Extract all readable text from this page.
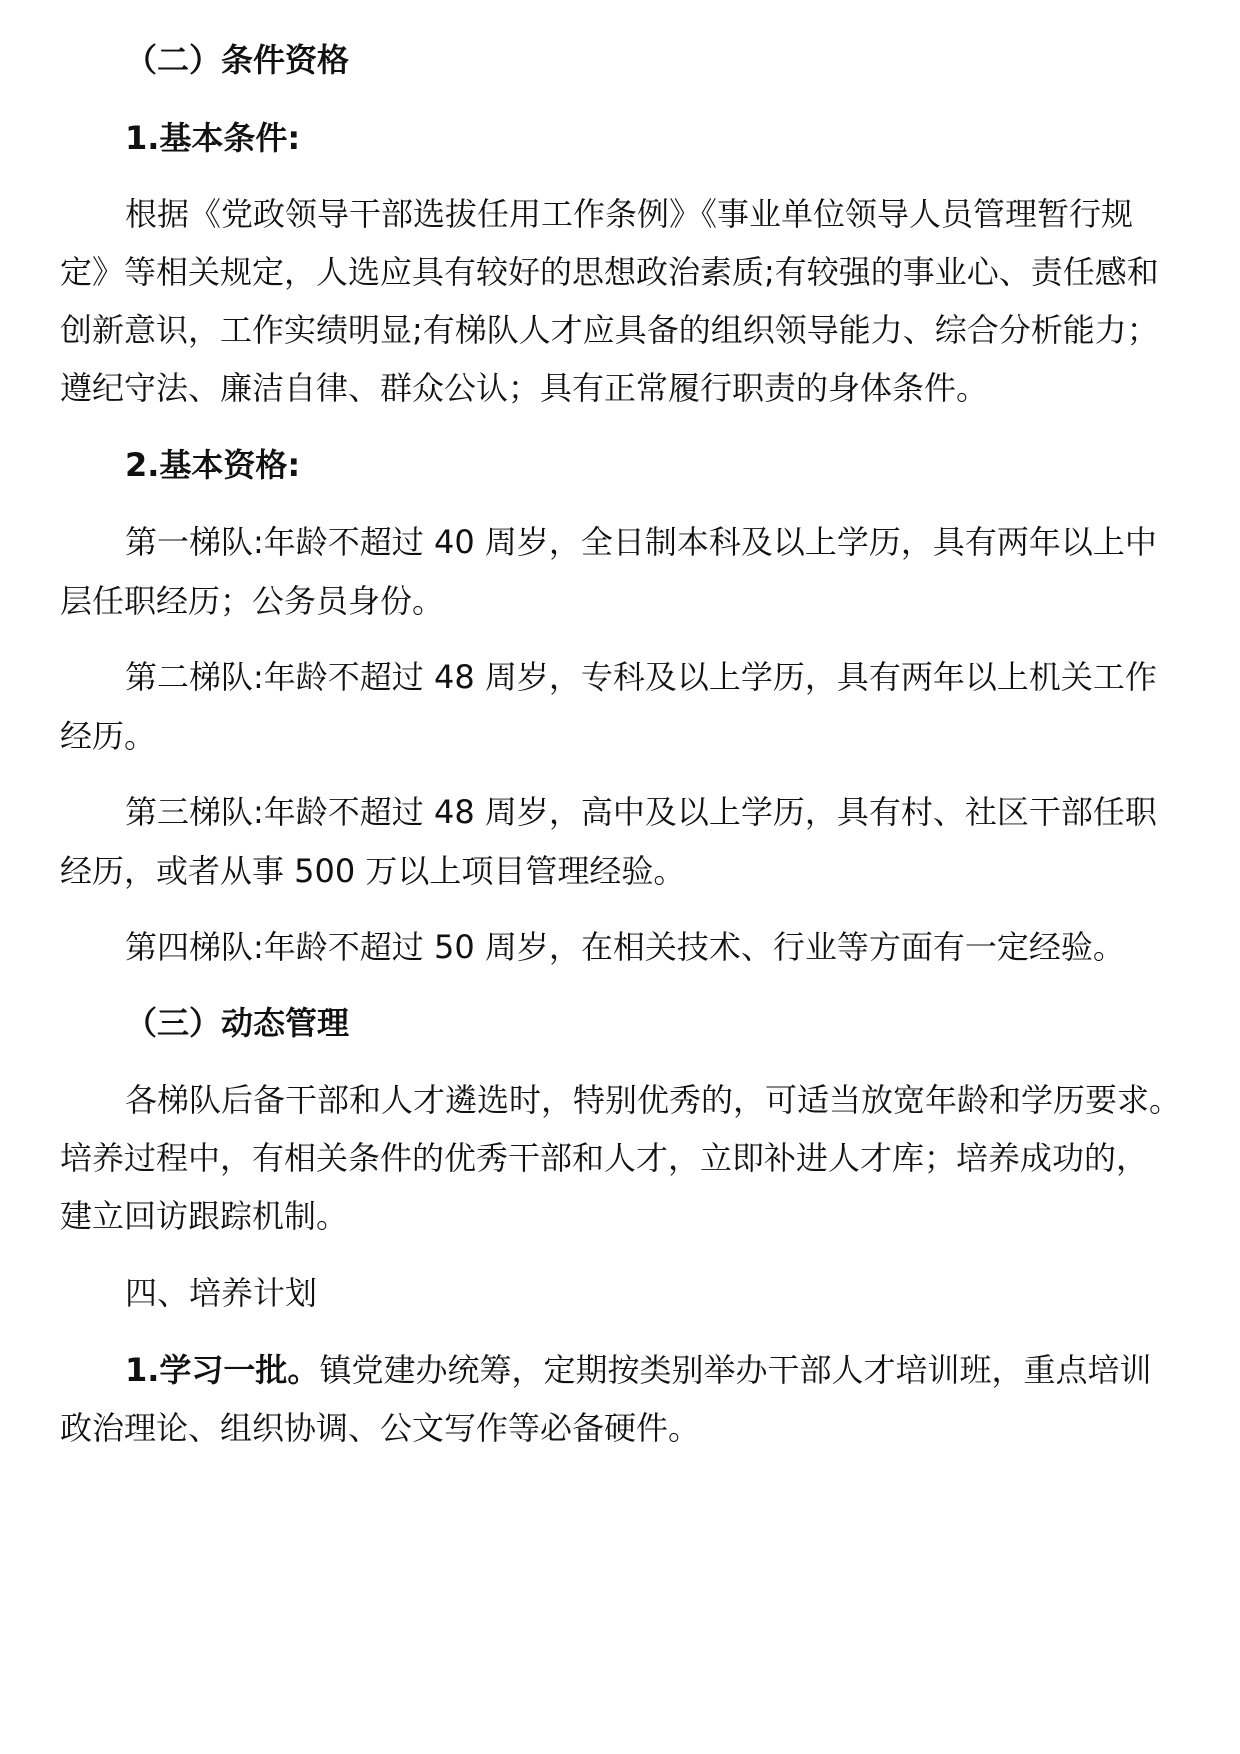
（二）条件资格
1.基本条件:
根据《党政领导干部选拔任用工作条例》《事业单位领导人员管理暂行规
定》等相关规定，人选应具有较好的思想政治素质;有较强的事业心、责任感和
创新意识，工作实绩明显;有梯队人才应具备的组织领导能力、综合分析能力；
遵纪守法、廉洁自律、群众公认；具有正常履行职责的身体条件。
2.基本资格:
第一梯队:年龄不超过 40 周岁，全日制本科及以上学历，具有两年以上中
层任职经历；公务员身份。
第二梯队:年龄不超过 48 周岁，专科及以上学历，具有两年以上机关工作
经历。
第三梯队:年龄不超过 48 周岁，高中及以上学历，具有村、社区干部任职
经历，或者从事 500 万以上项目管理经验。
第四梯队:年龄不超过 50 周岁，在相关技术、行业等方面有一定经验。
（三）动态管理
各梯队后备干部和人才遴选时，特别优秀的，可适当放宽年龄和学历要求。
培养过程中，有相关条件的优秀干部和人才，立即补进人才库；培养成功的，
建立回访跟踪机制。
四、培养计划
1.学习一批。镇党建办统筹，定期按类别举办干部人才培训班，重点培训
政治理论、组织协调、公文写作等必备硬件。
